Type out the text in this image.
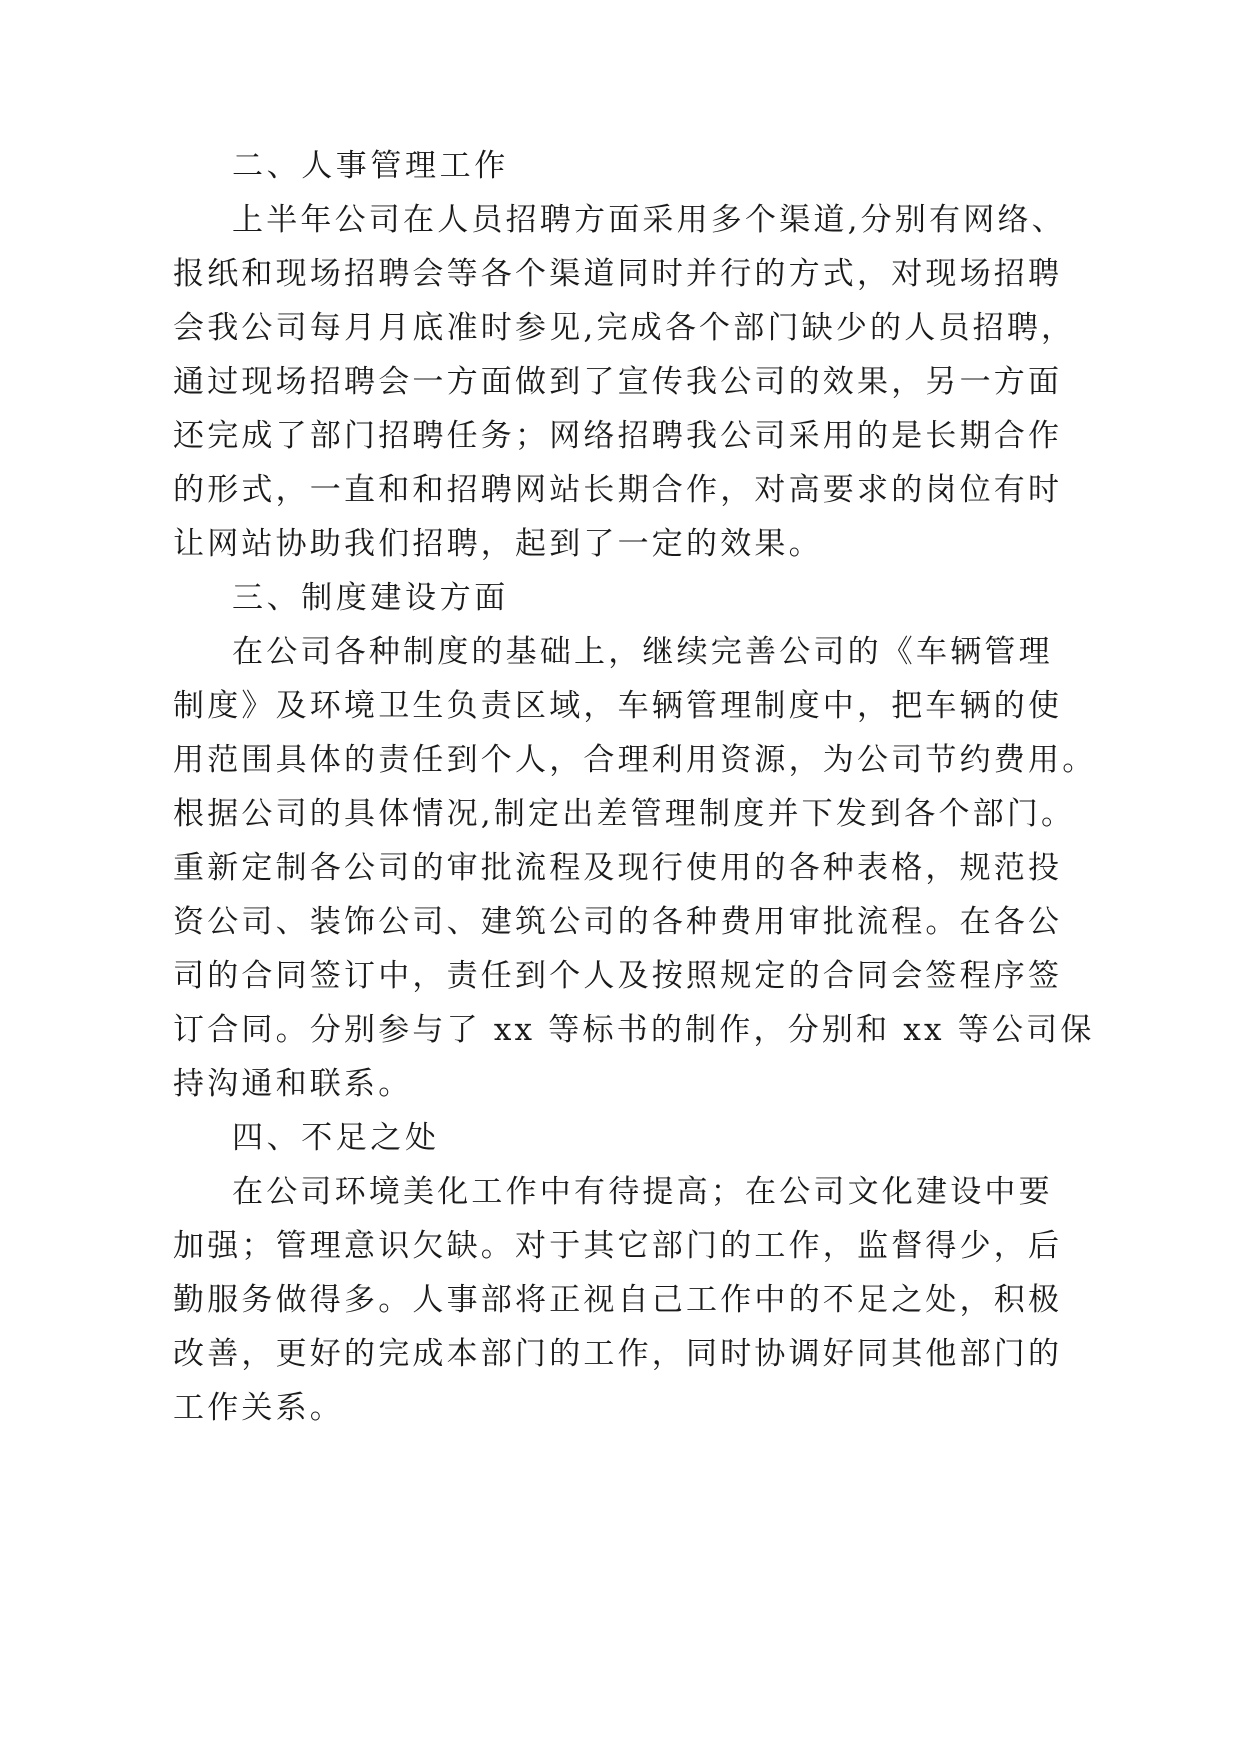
二、人事管理工作
上半年公司在人员招聘方面采用多个渠道,分别有网络、
报纸和现场招聘会等各个渠道同时并行的方式，对现场招聘
会我公司每月月底准时参见,完成各个部门缺少的人员招聘，
通过现场招聘会一方面做到了宣传我公司的效果，另一方面
还完成了部门招聘任务；网络招聘我公司采用的是长期合作
的形式，一直和和招聘网站长期合作，对高要求的岗位有时
让网站协助我们招聘，起到了一定的效果。
三、制度建设方面
在公司各种制度的基础上，继续完善公司的《车辆管理
制度》及环境卫生负责区域，车辆管理制度中，把车辆的使
用范围具体的责任到个人，合理利用资源，为公司节约费用。
根据公司的具体情况,制定出差管理制度并下发到各个部门。
重新定制各公司的审批流程及现行使用的各种表格，规范投
资公司、装饰公司、建筑公司的各种费用审批流程。在各公
司的合同签订中，责任到个人及按照规定的合同会签程序签
订合同。分别参与了 xx 等标书的制作，分别和 xx 等公司保
持沟通和联系。
四、不足之处
在公司环境美化工作中有待提高；在公司文化建设中要
加强；管理意识欠缺。对于其它部门的工作，监督得少，后
勤服务做得多。人事部将正视自己工作中的不足之处，积极
改善，更好的完成本部门的工作，同时协调好同其他部门的
工作关系。
